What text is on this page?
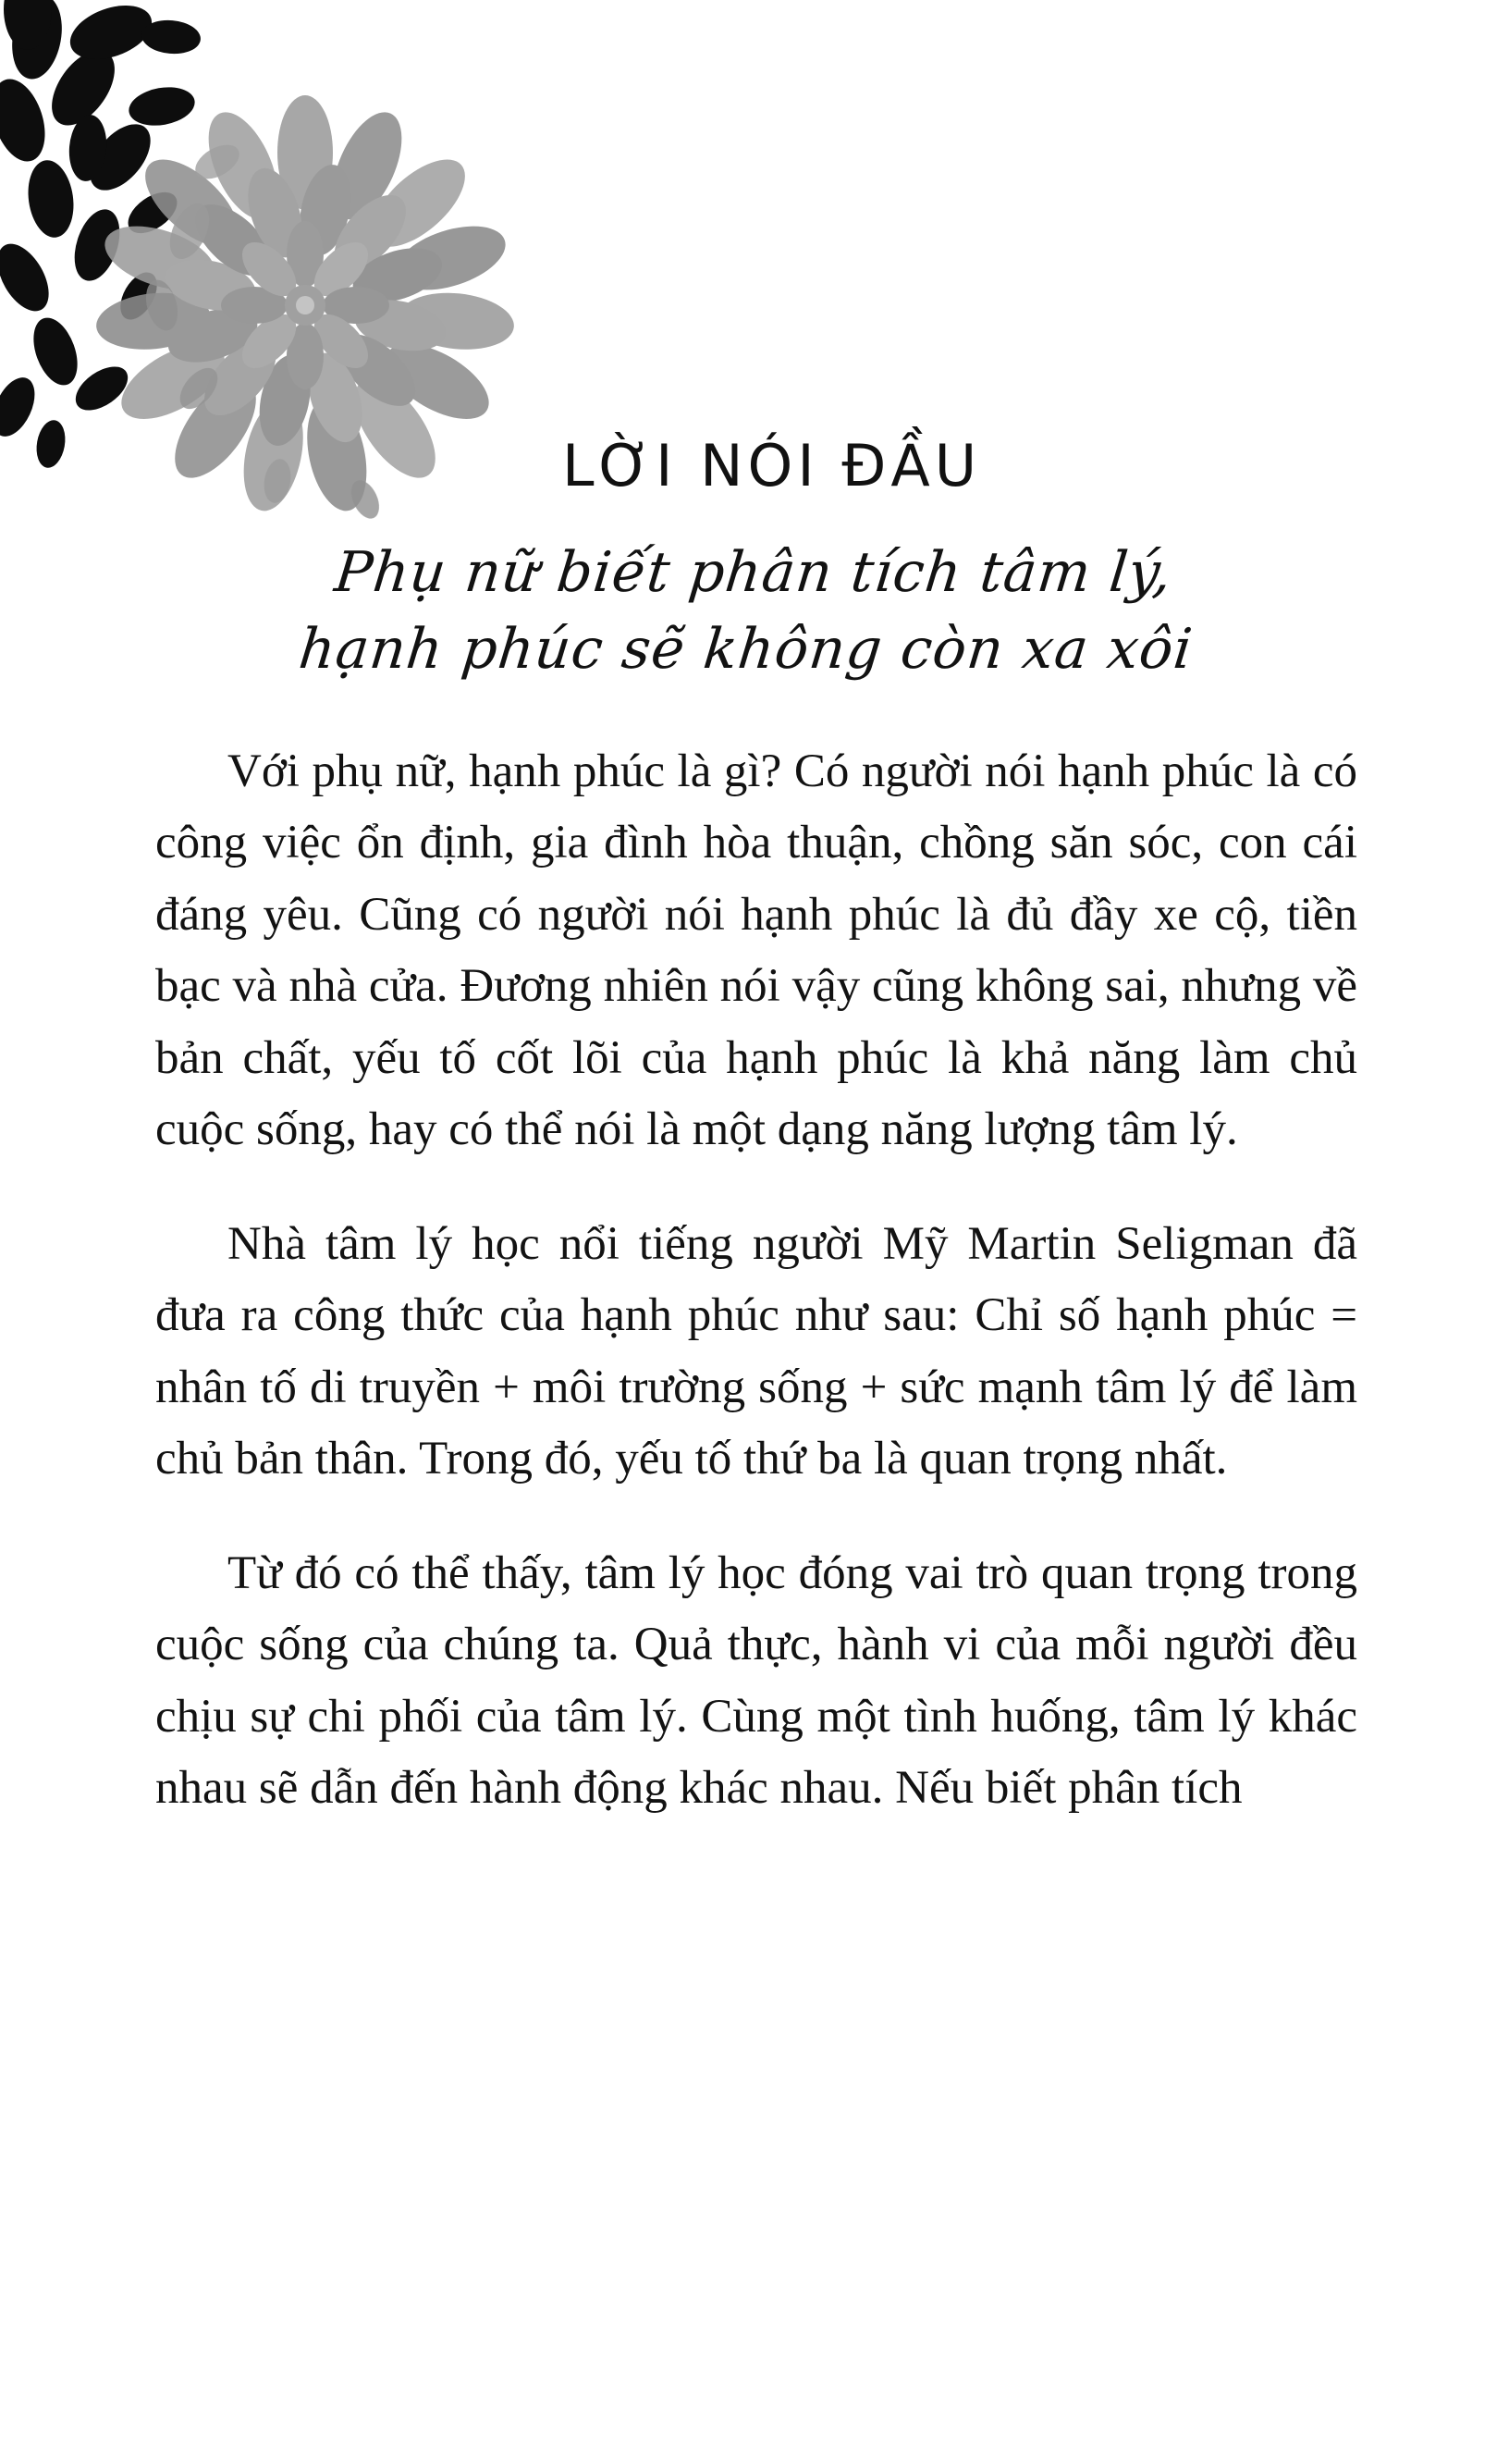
LỜI NÓI ĐẦU
Phụ nữ biết phân tích tâm lý,
hạnh phúc sẽ không còn xa xôi

Với phụ nữ, hạnh phúc là gì? Có người nói hạnh phúc là có công việc ổn định, gia đình hòa thuận, chồng săn sóc, con cái đáng yêu. Cũng có người nói hạnh phúc là đủ đầy xe cộ, tiền bạc và nhà cửa. Đương nhiên nói vậy cũng không sai, nhưng về bản chất, yếu tố cốt lõi của hạnh phúc là khả năng làm chủ cuộc sống, hay có thể nói là một dạng năng lượng tâm lý.

Nhà tâm lý học nổi tiếng người Mỹ Martin Seligman đã đưa ra công thức của hạnh phúc như sau: Chỉ số hạnh phúc = nhân tố di truyền + môi trường sống + sức mạnh tâm lý để làm chủ bản thân. Trong đó, yếu tố thứ ba là quan trọng nhất.

Từ đó có thể thấy, tâm lý học đóng vai trò quan trọng trong cuộc sống của chúng ta. Quả thực, hành vi của mỗi người đều chịu sự chi phối của tâm lý. Cùng một tình huống, tâm lý khác nhau sẽ dẫn đến hành động khác nhau. Nếu biết phân tích
